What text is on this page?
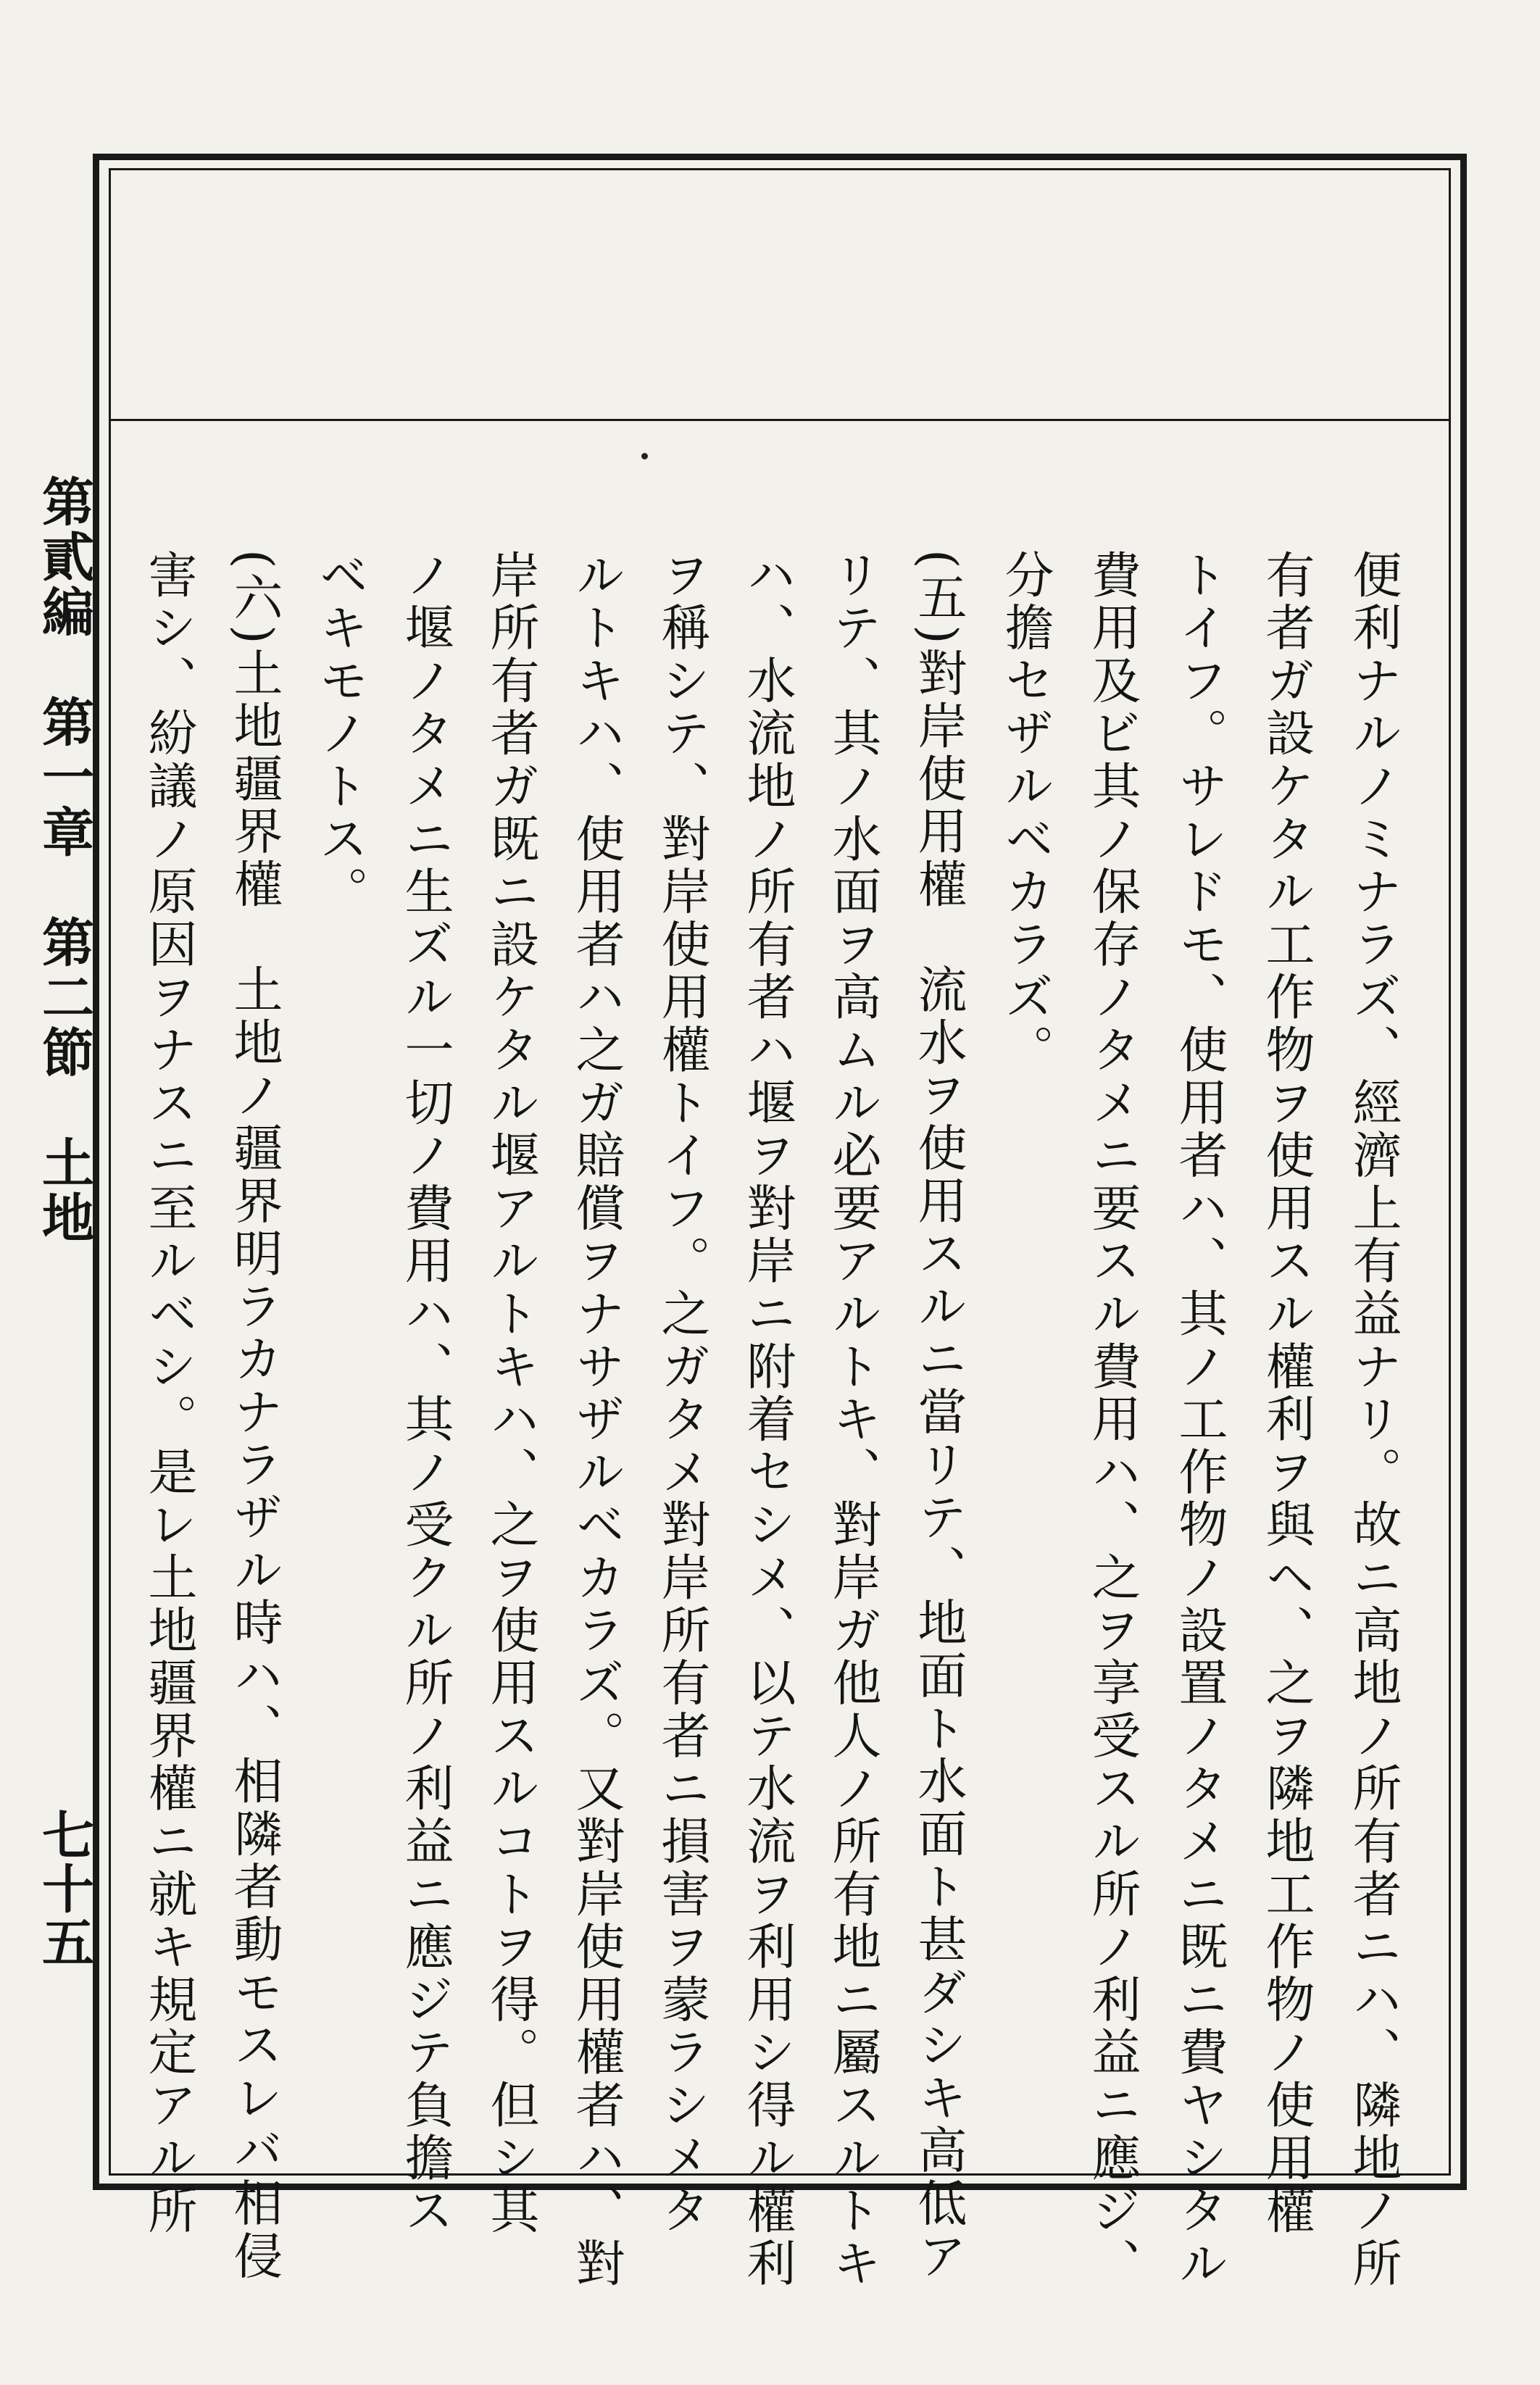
第貳編　第一章　第二節　土地
七十五	便利ナルノミナラズ、經濟上有益ナリ。故ニ高地ノ所有者ニハ、隣地ノ所
有者ガ設ケタル工作物ヲ使用スル權利ヲ與ヘ、之ヲ隣地工作物ノ使用權
トイフ。サレドモ、使用者ハ、其ノ工作物ノ設置ノタメニ既ニ費ヤシタル
費用及ビ其ノ保存ノタメニ要スル費用ハ、之ヲ享受スル所ノ利益ニ應ジ、
分擔セザルベカラズ。
(五)對岸使用權　流水ヲ使用スルニ當リテ、地面ト水面ト甚ダシキ高低ア
リテ、其ノ水面ヲ高ムル必要アルトキ、對岸ガ他人ノ所有地ニ屬スルトキ
ハ、水流地ノ所有者ハ堰ヲ對岸ニ附着セシメ、以テ水流ヲ利用シ得ル權利
ヲ稱シテ、對岸使用權トイフ。之ガタメ對岸所有者ニ損害ヲ蒙ラシメタ
ルトキハ、使用者ハ之ガ賠償ヲナサザルベカラズ。又對岸使用權者ハ、對
岸所有者ガ既ニ設ケタル堰アルトキハ、之ヲ使用スルコトヲ得。但シ其
ノ堰ノタメニ生ズル一切ノ費用ハ、其ノ受クル所ノ利益ニ應ジテ負擔ス
ベキモノトス。
(六)土地疆界權　土地ノ疆界明ラカナラザル時ハ、相隣者動モスレバ相侵
害シ、紛議ノ原因ヲナスニ至ルベシ。是レ土地疆界權ニ就キ規定アル所
